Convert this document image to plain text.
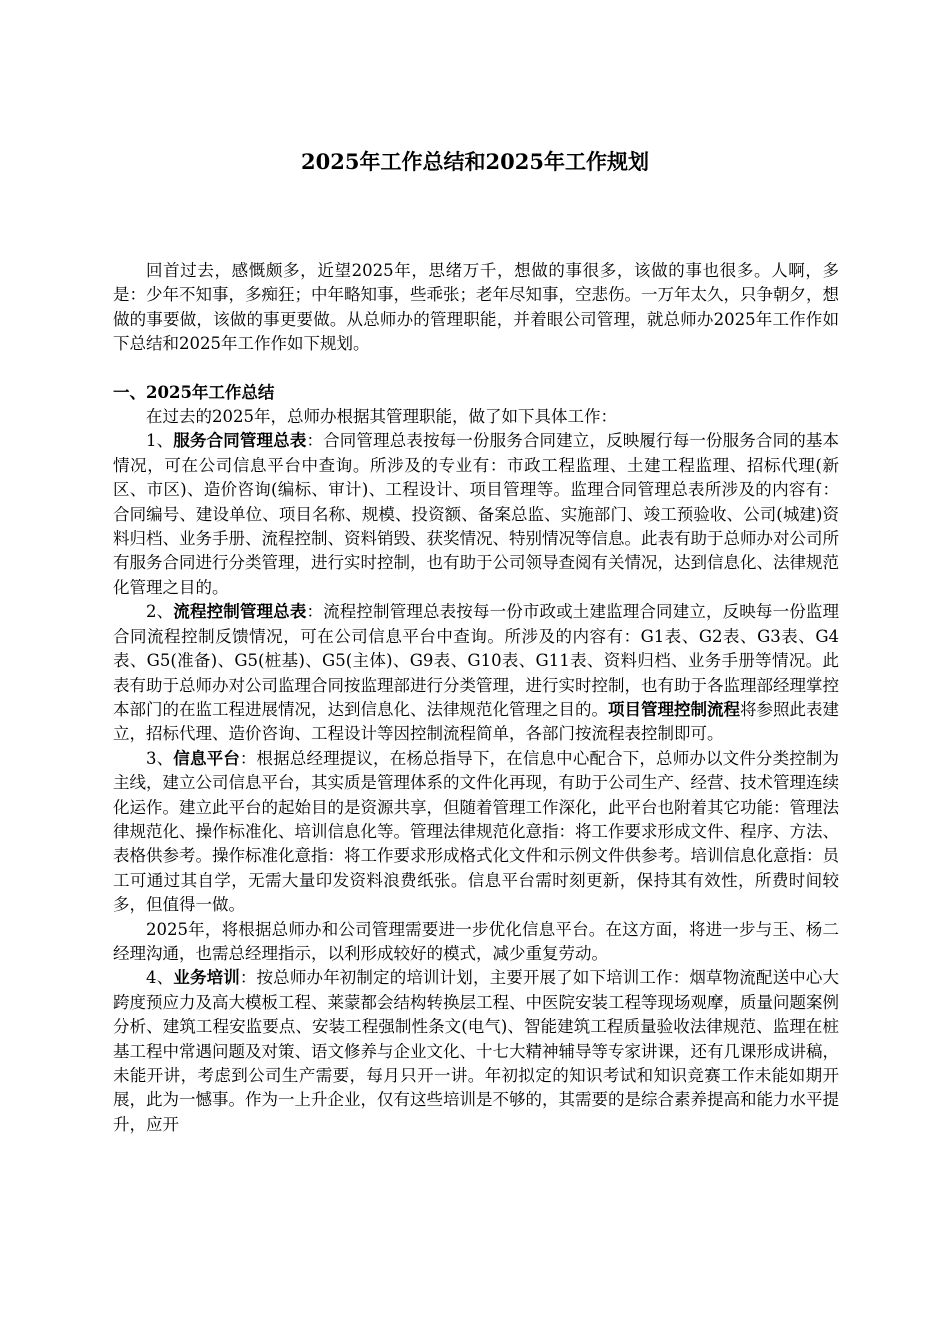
2025年工作总结和2025年工作规划

回首过去，感慨颇多，近望2025年，思绪万千，想做的事很多，该做的事也很多。人啊，多是：少年不知事，多痴狂；中年略知事，些乖张；老年尽知事，空悲伤。一万年太久，只争朝夕，想做的事要做，该做的事更要做。从总师办的管理职能，并着眼公司管理，就总师办2025年工作作如下总结和2025年工作作如下规划。

一、2025年工作总结

在过去的2025年，总师办根据其管理职能，做了如下具体工作：

1、服务合同管理总表：合同管理总表按每一份服务合同建立，反映履行每一份服务合同的基本情况，可在公司信息平台中查询。所涉及的专业有：市政工程监理、土建工程监理、招标代理(新区、市区)、造价咨询(编标、审计)、工程设计、项目管理等。监理合同管理总表所涉及的内容有：合同编号、建设单位、项目名称、规模、投资额、备案总监、实施部门、竣工预验收、公司(城建)资料归档、业务手册、流程控制、资料销毁、获奖情况、特别情况等信息。此表有助于总师办对公司所有服务合同进行分类管理，进行实时控制，也有助于公司领导查阅有关情况，达到信息化、法律规范化管理之目的。

2、流程控制管理总表：流程控制管理总表按每一份市政或土建监理合同建立，反映每一份监理合同流程控制反馈情况，可在公司信息平台中查询。所涉及的内容有：G1表、G2表、G3表、G4表、G5(准备)、G5(桩基)、G5(主体)、G9表、G10表、G11表、资料归档、业务手册等情况。此表有助于总师办对公司监理合同按监理部进行分类管理，进行实时控制，也有助于各监理部经理掌控本部门的在监工程进展情况，达到信息化、法律规范化管理之目的。项目管理控制流程将参照此表建立，招标代理、造价咨询、工程设计等因控制流程简单，各部门按流程表控制即可。

3、信息平台：根据总经理提议，在杨总指导下，在信息中心配合下，总师办以文件分类控制为主线，建立公司信息平台，其实质是管理体系的文件化再现，有助于公司生产、经营、技术管理连续化运作。建立此平台的起始目的是资源共享，但随着管理工作深化，此平台也附着其它功能：管理法律规范化、操作标准化、培训信息化等。管理法律规范化意指：将工作要求形成文件、程序、方法、表格供参考。操作标准化意指：将工作要求形成格式化文件和示例文件供参考。培训信息化意指：员工可通过其自学，无需大量印发资料浪费纸张。信息平台需时刻更新，保持其有效性，所费时间较多，但值得一做。

2025年，将根据总师办和公司管理需要进一步优化信息平台。在这方面，将进一步与王、杨二经理沟通，也需总经理指示，以利形成较好的模式，减少重复劳动。

4、业务培训：按总师办年初制定的培训计划，主要开展了如下培训工作：烟草物流配送中心大跨度预应力及高大模板工程、莱蒙都会结构转换层工程、中医院安装工程等现场观摩，质量问题案例分析、建筑工程安监要点、安装工程强制性条文(电气)、智能建筑工程质量验收法律规范、监理在桩基工程中常遇问题及对策、语文修养与企业文化、十七大精神辅导等专家讲课，还有几课形成讲稿，未能开讲，考虑到公司生产需要，每月只开一讲。年初拟定的知识考试和知识竞赛工作未能如期开展，此为一憾事。作为一上升企业，仅有这些培训是不够的，其需要的是综合素养提高和能力水平提升，应开
